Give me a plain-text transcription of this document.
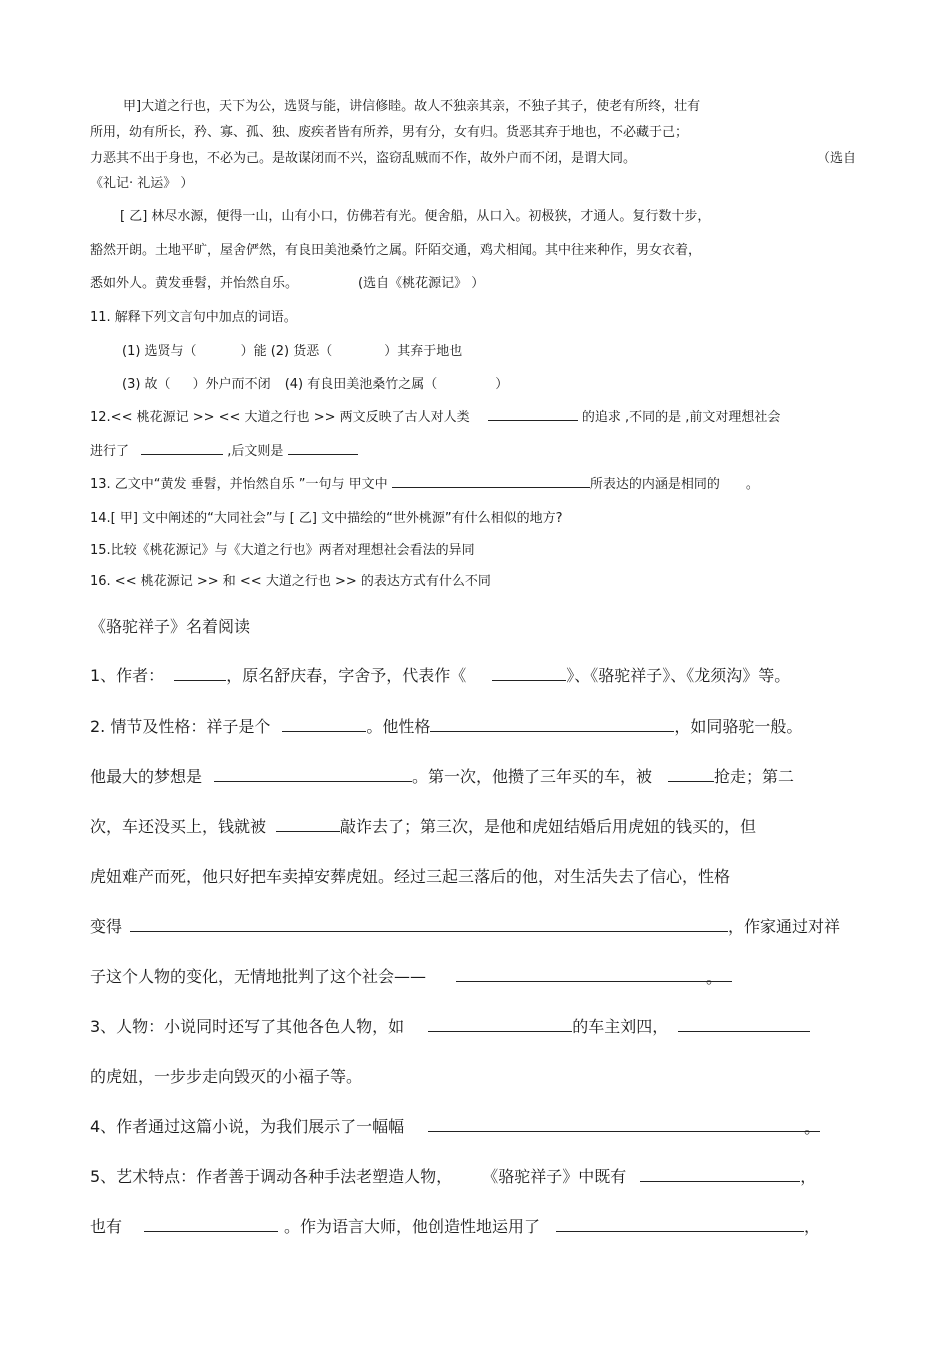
甲]大道之行也，天下为公，选贤与能，讲信修睦。故人不独亲其亲，不独子其子，使老有所终，壮有
所用，幼有所长，矜、寡、孤、独、废疾者皆有所养，男有分，女有归。货恶其弃于地也，不必藏于己；
力恶其不出于身也，不必为己。是故谋闭而不兴，盗窃乱贼而不作，故外户而不闭，是谓大同。	（选自
《礼记· 礼运》 ）
[ 乙] 林尽水源，便得一山，山有小口，仿佛若有光。便舍船，从口入。初极狭，才通人。复行数十步，
豁然开朗。土地平旷，屋舍俨然，有良田美池桑竹之属。阡陌交通，鸡犬相闻。其中往来种作，男女衣着，
悉如外人。黄发垂髫，并怡然自乐。	(选自《桃花源记》 ）
11. 解释下列文言句中加点的词语。
(1) 选贤与（	）能 (2) 货恶（	）其弃于地也
(3) 故（ ）外户而不闭 (4) 有良田美池桑竹之属（	）
12.<< 桃花源记 >> << 大道之行也 >> 两文反映了古人对人类	的追求 ,不同的是 ,前文对理想社会
进行了	,后文则是
13. 乙文中“黄发 垂髫，并怡然自乐 ”一句与 甲文中	所表达的内涵是相同的 。
14.[ 甲] 文中阐述的“大同社会”与 [ 乙] 文中描绘的“世外桃源”有什么相似的地方?
15.比较《桃花源记》与《大道之行也》两者对理想社会看法的异同
16. << 桃花源记 >> 和 << 大道之行也 >> 的表达方式有什么不同
《骆驼祥子》名着阅读
1、作者：	，原名舒庆春，字舍予，代表作《	》、《骆驼祥子》、《龙须沟》等。
2. 情节及性格：祥子是个	。他性格	，如同骆驼一般。
他最大的梦想是	。第一次，他攒了三年买的车，被	抢走；第二
次，车还没买上，钱就被	敲诈去了；第三次，是他和虎妞结婚后用虎妞的钱买的，但
虎妞难产而死，他只好把车卖掉安葬虎妞。经过三起三落后的他，对生活失去了信心，性格
变得	，作家通过对祥
子这个人物的变化，无情地批判了这个社会——	。
3、人物：小说同时还写了其他各色人物，如	的车主刘四，
的虎妞，一步步走向毁灭的小福子等。
4、作者通过这篇小说，为我们展示了一幅幅	。
5、艺术特点：作者善于调动各种手法老塑造人物， 《骆驼祥子》中既有	，
也有	。作为语言大师，他创造性地运用了	，
